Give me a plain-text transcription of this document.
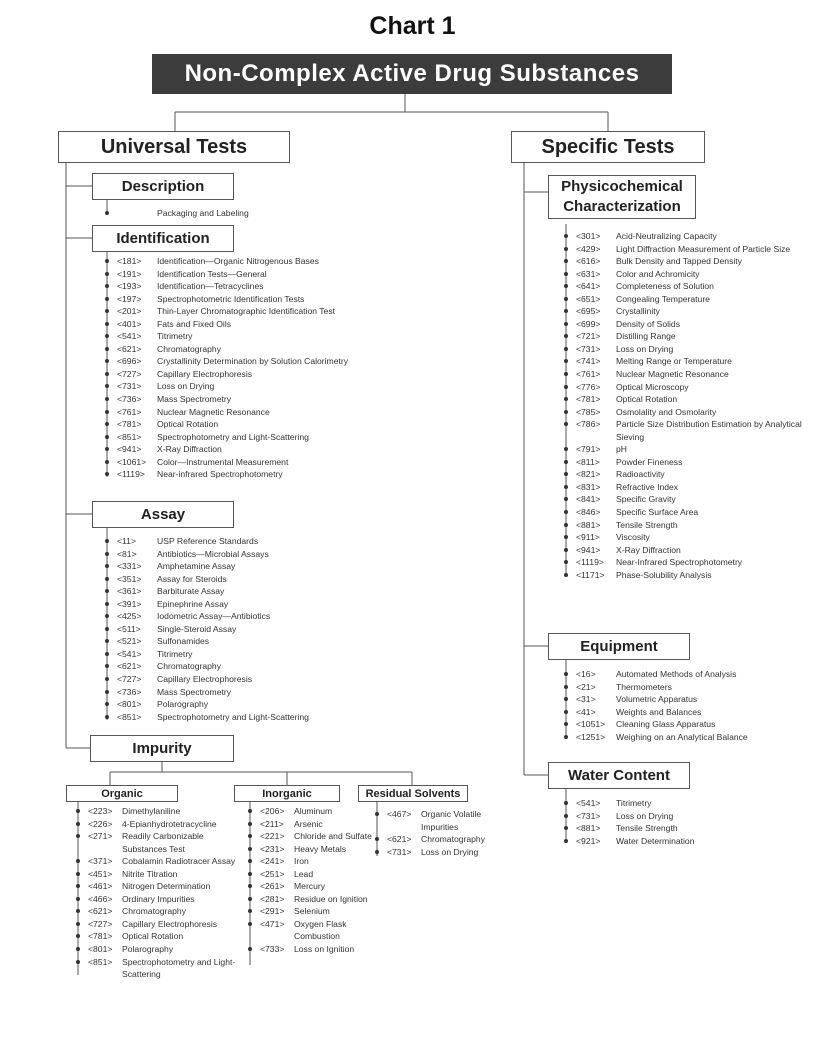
Chart 1
Non-Complex Active Drug Substances
Universal Tests
Description
Packaging and Labeling
Identification
<181> Identification—Organic Nitrogenous Bases
<191> Identification Tests—General
<193> Identification—Tetracyclines
<197> Spectrophotometric Identification Tests
<201> Thin-Layer Chromatographic Identification Test
<401> Fats and Fixed Oils
<541> Titrimetry
<621> Chromatography
<696> Crystallinity Determination by Solution Calorimetry
<727> Capillary Electrophoresis
<731> Loss on Drying
<736> Mass Spectrometry
<761> Nuclear Magnetic Resonance
<781> Optical Rotation
<851> Spectrophotometry and Light-Scattering
<941> X-Ray Diffraction
<1061> Color—Instrumental Measurement
<1119> Near-infrared Spectrophotometry
Assay
<11> USP Reference Standards
<81> Antibiotics—Microbial Assays
<331> Amphetamine Assay
<351> Assay for Steroids
<361> Barbiturate Assay
<391> Epinephrine Assay
<425> Iodometric Assay—Antibiotics
<511> Single-Steroid Assay
<521> Sulfonamides
<541> Titrimetry
<621> Chromatography
<727> Capillary Electrophoresis
<736> Mass Spectrometry
<801> Polarography
<851> Spectrophotometry and Light-Scattering
Impurity
Organic
<223>	Dimethylaniline
<226>	4-Epianhydrotetracycline
<271>	Readily Carbonizable Substances Test
<371>	Cobalamin Radiotracer Assay
<451>	Nitrite Titration
<461>	Nitrogen Determination
<466>	Ordinary Impurities
<621>	Chromatography
<727>	Capillary Electrophoresis
<781>	Optical Rotation
<801>	Polarography
<851>	Spectrophotometry and Light-Scattering
Inorganic
<206>	Aluminum
<211>	Arsenic
<221>	Chloride and Sulfate
<231>	Heavy Metals
<241>	Iron
<251>	Lead
<261>	Mercury
<281>	Residue on Ignition
<291>	Selenium
<471>	Oxygen Flask Combustion
<733>	Loss on Ignition
Residual Solvents
<467>	Organic Volatile Impurities
<621>	Chromatography
<731>	Loss on Drying
Specific Tests
Physicochemical
Characterization
<301>	Acid-Neutralizing Capacity
<429>	Light Diffraction Measurement of Particle Size
<616>	Bulk Density and Tapped Density
<631>	Color and Achromicity
<641>	Completeness of Solution
<651>	Congealing Temperature
<695>	Crystallinity
<699>	Density of Solids
<721>	Distilling Range
<731>	Loss on Drying
<741>	Melting Range or Temperature
<761>	Nuclear Magnetic Resonance
<776>	Optical Microscopy
<781>	Optical Rotation
<785>	Osmolality and Osmolarity
<786>	Particle Size Distribution Estimation by Analytical Sieving
<791>	pH
<811>	Powder Fineness
<821>	Radioactivity
<831>	Refractive Index
<841>	Specific Gravity
<846>	Specific Surface Area
<881>	Tensile Strength
<911>	Viscosity
<941>	X-Ray Diffraction
<1119>	Near-Infrared Spectrophotometry
<1171>	Phase-Solubility Analysis
Equipment
<16> Automated Methods of Analysis
<21> Thermometers
<31> Volumetric Apparatus
<41> Weights and Balances
<1051> Cleaning Glass Apparatus
<1251> Weighing on an Analytical Balance
Water Content
<541> Titrimetry
<731> Loss on Drying
<881> Tensile Strength
<921> Water Determination
